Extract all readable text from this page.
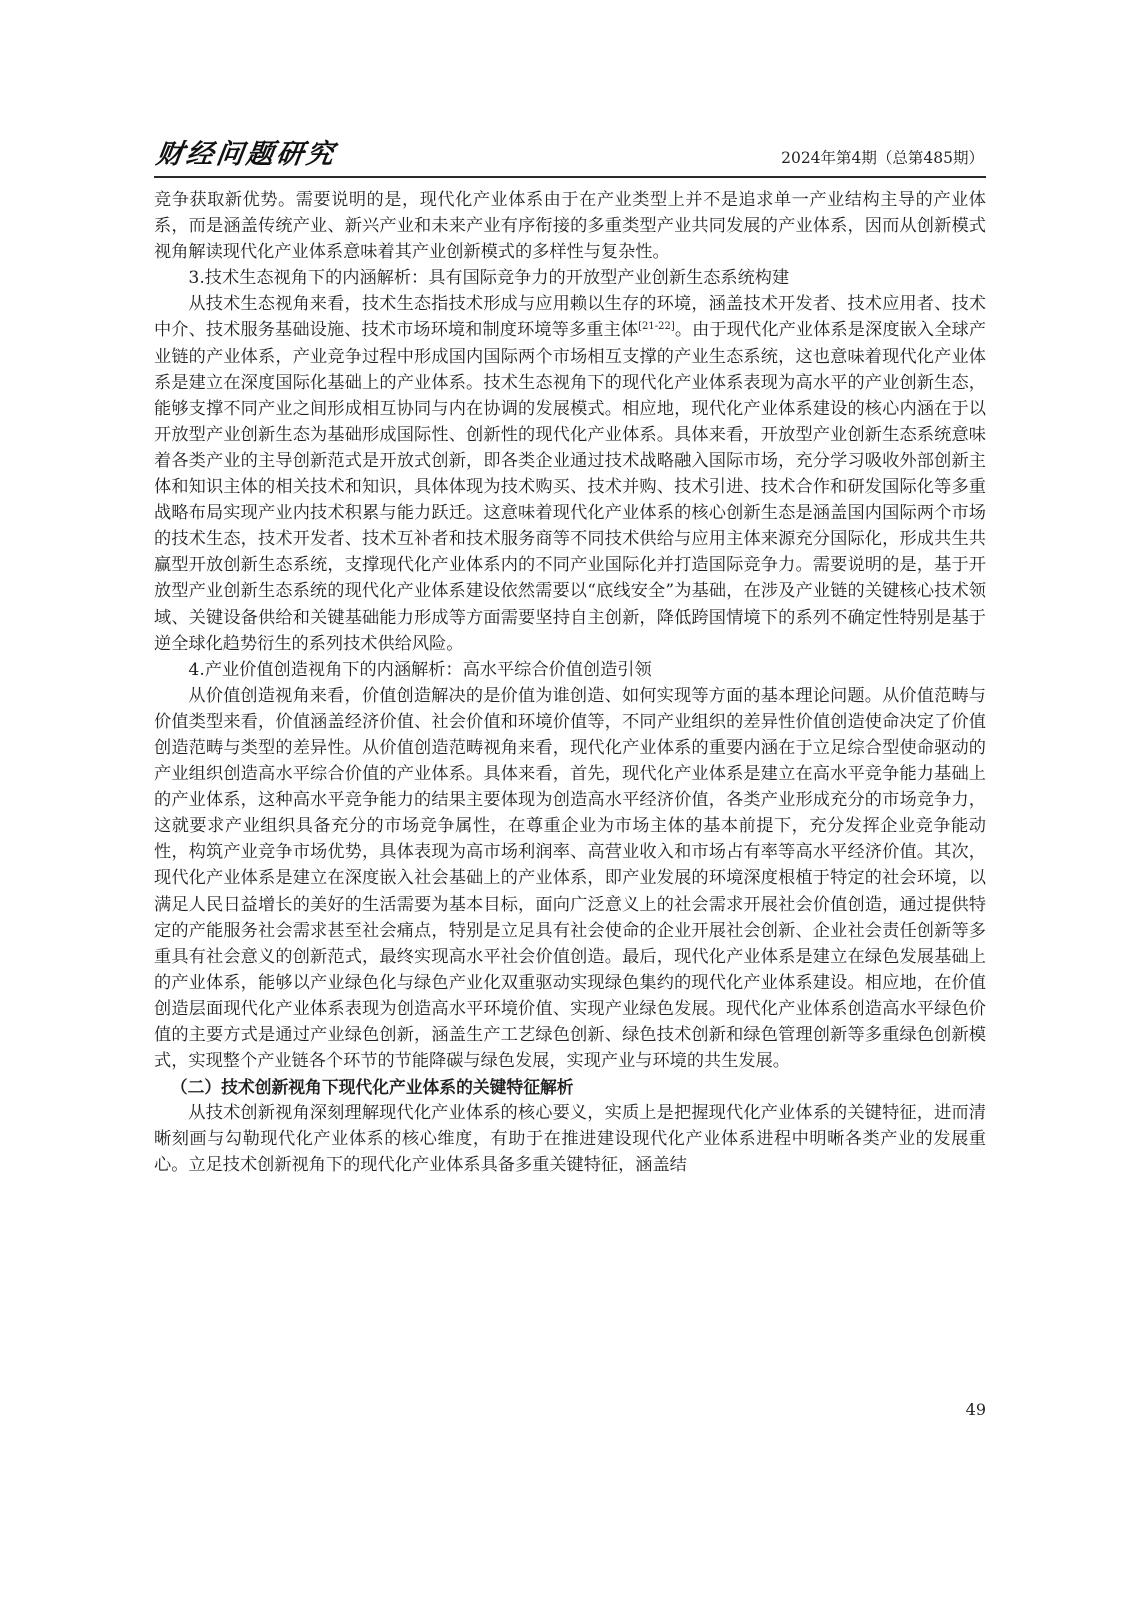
财经问题研究	2024年第4期（总第485期）

竞争获取新优势。需要说明的是，现代化产业体系由于在产业类型上并不是追求单一产业结构主导的产业体系，而是涵盖传统产业、新兴产业和未来产业有序衔接的多重类型产业共同发展的产业体系，因而从创新模式视角解读现代化产业体系意味着其产业创新模式的多样性与复杂性。

3.技术生态视角下的内涵解析：具有国际竞争力的开放型产业创新生态系统构建

从技术生态视角来看，技术生态指技术形成与应用赖以生存的环境，涵盖技术开发者、技术应用者、技术中介、技术服务基础设施、技术市场环境和制度环境等多重主体[21-22]。由于现代化产业体系是深度嵌入全球产业链的产业体系，产业竞争过程中形成国内国际两个市场相互支撑的产业生态系统，这也意味着现代化产业体系是建立在深度国际化基础上的产业体系。技术生态视角下的现代化产业体系表现为高水平的产业创新生态，能够支撑不同产业之间形成相互协同与内在协调的发展模式。相应地，现代化产业体系建设的核心内涵在于以开放型产业创新生态为基础形成国际性、创新性的现代化产业体系。具体来看，开放型产业创新生态系统意味着各类产业的主导创新范式是开放式创新，即各类企业通过技术战略融入国际市场，充分学习吸收外部创新主体和知识主体的相关技术和知识，具体体现为技术购买、技术并购、技术引进、技术合作和研发国际化等多重战略布局实现产业内技术积累与能力跃迁。这意味着现代化产业体系的核心创新生态是涵盖国内国际两个市场的技术生态，技术开发者、技术互补者和技术服务商等不同技术供给与应用主体来源充分国际化，形成共生共赢型开放创新生态系统，支撑现代化产业体系内的不同产业国际化并打造国际竞争力。需要说明的是，基于开放型产业创新生态系统的现代化产业体系建设依然需要以“底线安全”为基础，在涉及产业链的关键核心技术领域、关键设备供给和关键基础能力形成等方面需要坚持自主创新，降低跨国情境下的系列不确定性特别是基于逆全球化趋势衍生的系列技术供给风险。

4.产业价值创造视角下的内涵解析：高水平综合价值创造引领

从价值创造视角来看，价值创造解决的是价值为谁创造、如何实现等方面的基本理论问题。从价值范畴与价值类型来看，价值涵盖经济价值、社会价值和环境价值等，不同产业组织的差异性价值创造使命决定了价值创造范畴与类型的差异性。从价值创造范畴视角来看，现代化产业体系的重要内涵在于立足综合型使命驱动的产业组织创造高水平综合价值的产业体系。具体来看，首先，现代化产业体系是建立在高水平竞争能力基础上的产业体系，这种高水平竞争能力的结果主要体现为创造高水平经济价值，各类产业形成充分的市场竞争力，这就要求产业组织具备充分的市场竞争属性，在尊重企业为市场主体的基本前提下，充分发挥企业竞争能动性，构筑产业竞争市场优势，具体表现为高市场利润率、高营业收入和市场占有率等高水平经济价值。其次，现代化产业体系是建立在深度嵌入社会基础上的产业体系，即产业发展的环境深度根植于特定的社会环境，以满足人民日益增长的美好的生活需要为基本目标，面向广泛意义上的社会需求开展社会价值创造，通过提供特定的产能服务社会需求甚至社会痛点，特别是立足具有社会使命的企业开展社会创新、企业社会责任创新等多重具有社会意义的创新范式，最终实现高水平社会价值创造。最后，现代化产业体系是建立在绿色发展基础上的产业体系，能够以产业绿色化与绿色产业化双重驱动实现绿色集约的现代化产业体系建设。相应地，在价值创造层面现代化产业体系表现为创造高水平环境价值、实现产业绿色发展。现代化产业体系创造高水平绿色价值的主要方式是通过产业绿色创新，涵盖生产工艺绿色创新、绿色技术创新和绿色管理创新等多重绿色创新模式，实现整个产业链各个环节的节能降碳与绿色发展，实现产业与环境的共生发展。

（二）技术创新视角下现代化产业体系的关键特征解析

从技术创新视角深刻理解现代化产业体系的核心要义，实质上是把握现代化产业体系的关键特征，进而清晰刻画与勾勒现代化产业体系的核心维度，有助于在推进建设现代化产业体系进程中明晰各类产业的发展重心。立足技术创新视角下的现代化产业体系具备多重关键特征，涵盖结

49
